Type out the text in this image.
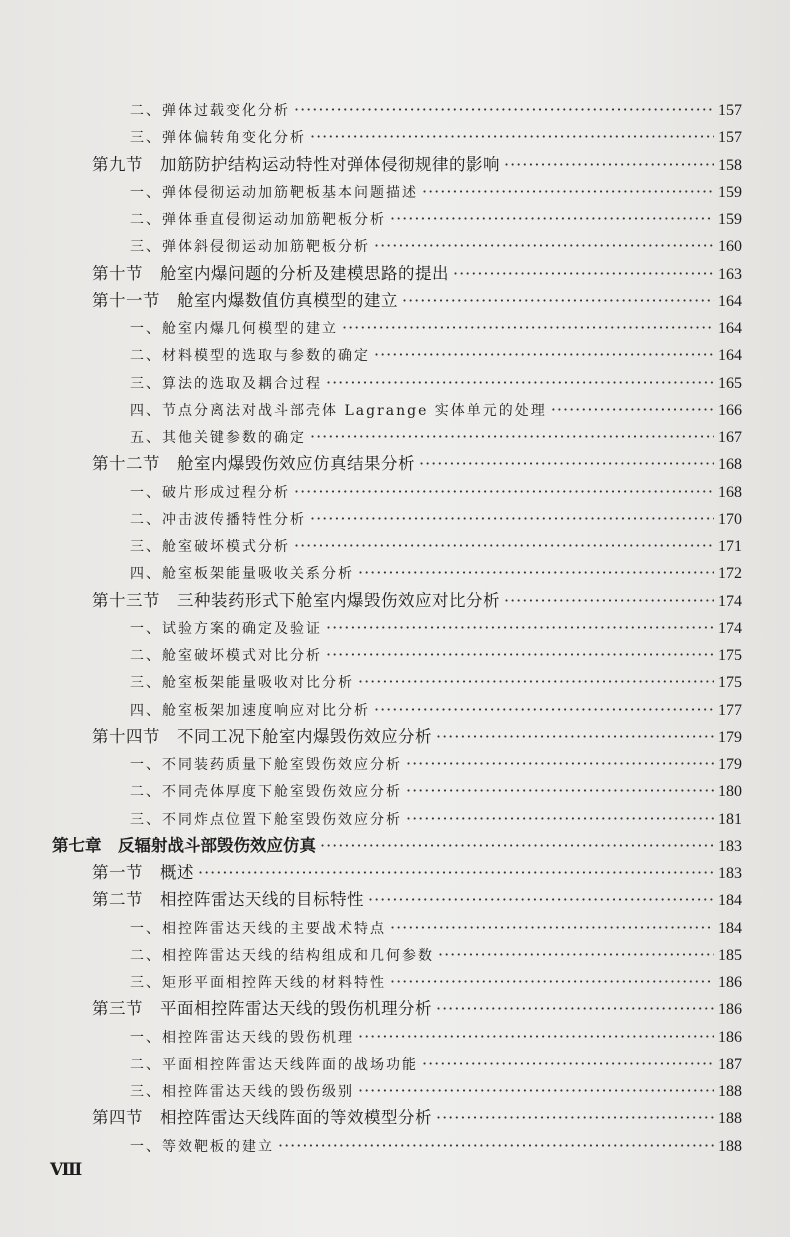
二、弹体过载变化分析 ·····	157
三、弹体偏转角变化分析 ·····	157
第九节　加筋防护结构运动特性对弹体侵彻规律的影响 ·····	158
一、弹体侵彻运动加筋靶板基本问题描述 ·····	159
二、弹体垂直侵彻运动加筋靶板分析 ·····	159
三、弹体斜侵彻运动加筋靶板分析 ·····	160
第十节　舱室内爆问题的分析及建模思路的提出 ·····	163
第十一节　舱室内爆数值仿真模型的建立 ·····	164
一、舱室内爆几何模型的建立 ·····	164
二、材料模型的选取与参数的确定 ·····	164
三、算法的选取及耦合过程 ·····	165
四、节点分离法对战斗部壳体 Lagrange 实体单元的处理 ·····	166
五、其他关键参数的确定 ·····	167
第十二节　舱室内爆毁伤效应仿真结果分析 ·····	168
一、破片形成过程分析 ·····	168
二、冲击波传播特性分析 ·····	170
三、舱室破坏模式分析 ·····	171
四、舱室板架能量吸收关系分析 ·····	172
第十三节　三种装药形式下舱室内爆毁伤效应对比分析 ·····	174
一、试验方案的确定及验证 ·····	174
二、舱室破坏模式对比分析 ·····	175
三、舱室板架能量吸收对比分析 ·····	175
四、舱室板架加速度响应对比分析 ·····	177
第十四节　不同工况下舱室内爆毁伤效应分析 ·····	179
一、不同装药质量下舱室毁伤效应分析 ·····	179
二、不同壳体厚度下舱室毁伤效应分析 ·····	180
三、不同炸点位置下舱室毁伤效应分析 ·····	181
第七章　反辐射战斗部毁伤效应仿真 ·····	183
第一节　概述 ·····	183
第二节　相控阵雷达天线的目标特性 ·····	184
一、相控阵雷达天线的主要战术特点 ·····	184
二、相控阵雷达天线的结构组成和几何参数 ·····	185
三、矩形平面相控阵天线的材料特性 ·····	186
第三节　平面相控阵雷达天线的毁伤机理分析 ·····	186
一、相控阵雷达天线的毁伤机理 ·····	186
二、平面相控阵雷达天线阵面的战场功能 ·····	187
三、相控阵雷达天线的毁伤级别 ·····	188
第四节　相控阵雷达天线阵面的等效模型分析 ·····	188
一、等效靶板的建立 ·····	188
Ⅷ
